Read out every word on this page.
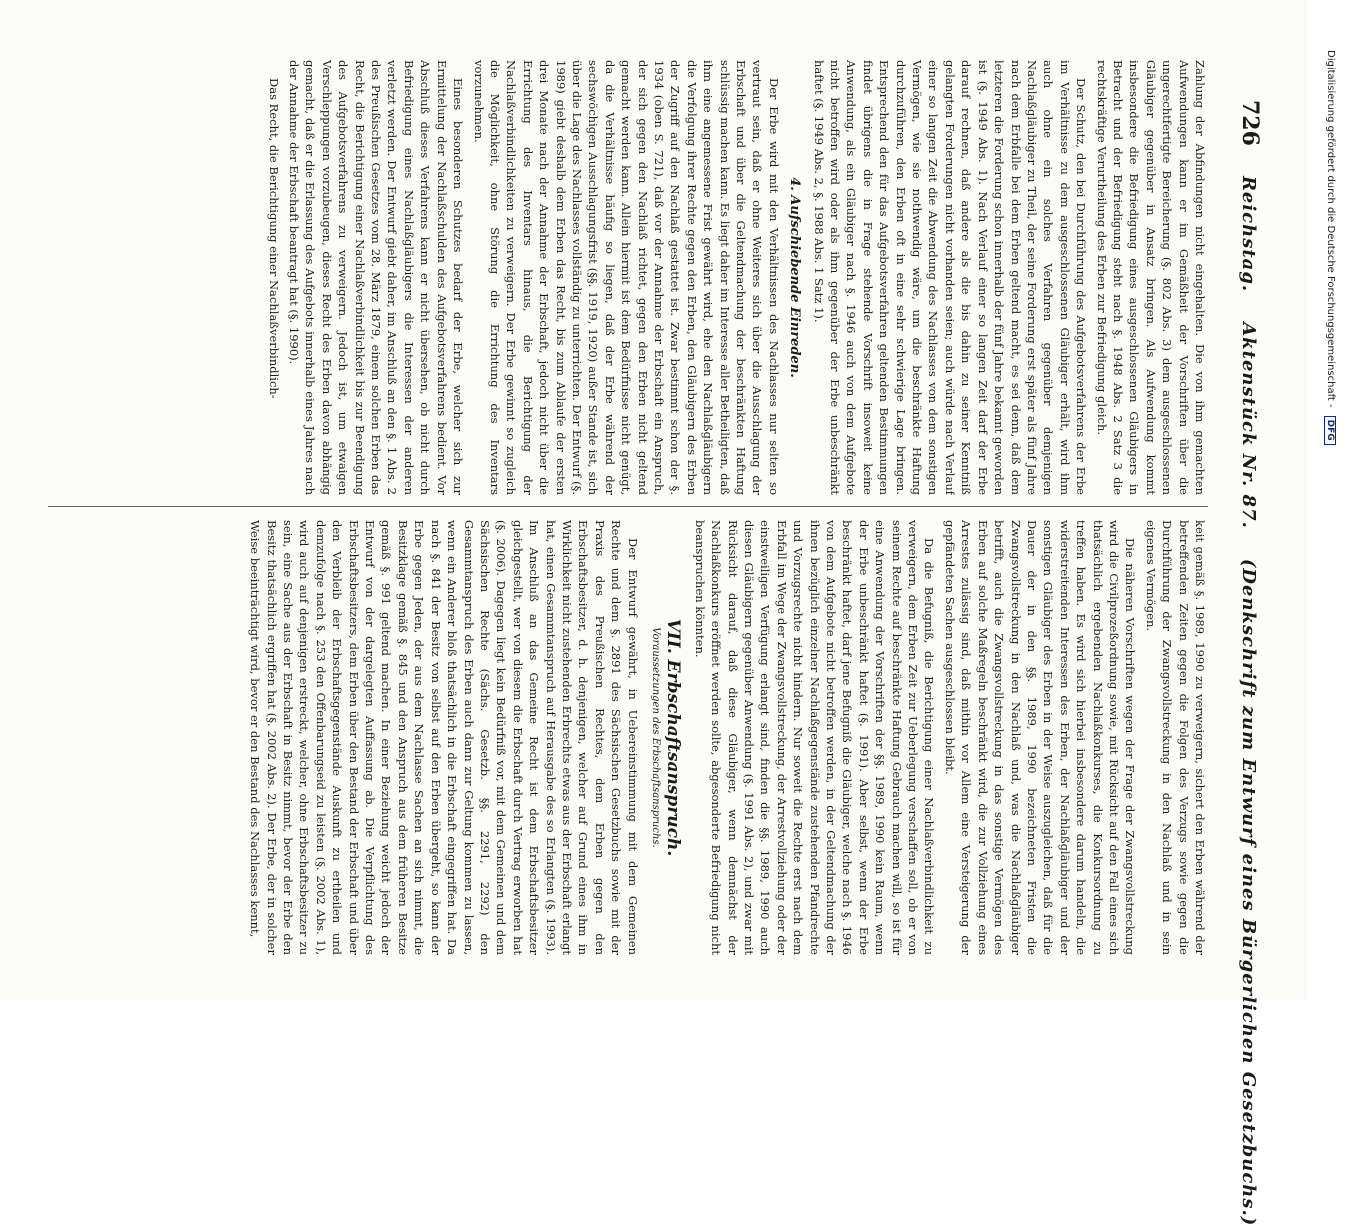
Digitalisierung gefördert durch die Deutsche Forschungsgemeinschaft -
DFG
726
Reichstag.
Aktenstück Nr. 87.
(Denkschrift zum Entwurf eines Bürgerlichen Gesetzbuchs.)

Zahlung der Abfindungen nicht eingehalten. Die von ihm gemachten Aufwendungen kann er im Gemäßheit der Vorschriften über die ungerechtfertigte Bereicherung (§. 802 Abs. 3) dem ausgeschlossenen Gläubiger gegenüber in Ansatz bringen. Als Aufwendung kommt insbesondere die Befriedigung eines ausgeschlossenen Gläubigers in Betracht und der Befriedigung steht nach §. 1948 Abs. 2 Satz 3 die rechtskräftige Verurtheilung des Erben zur Befriedigung gleich.

Der Schutz, den bei Durchführung des Aufgebotsverfahrens der Erbe im Verhältnisse zu dem ausgeschlossenen Gläubiger erhält, wird ihm auch ohne ein solches Verfahren gegenüber demjenigen Nachlaßgläubiger zu Theil, der seine Forderung erst später als fünf Jahre nach dem Erbfalle bei dem Erben geltend macht, es sei denn, daß dem letzteren die Forderung schon innerhalb der fünf Jahre bekannt geworden ist (§. 1949 Abs. 1). Nach Verlauf einer so langen Zeit darf der Erbe darauf rechnen, daß andere als die bis dahin zu seiner Kenntniß gelangten Forderungen nicht vorhanden seien; auch würde nach Verlauf einer so langen Zeit die Abwendung des Nachlasses von dem sonstigen Vermögen, wie sie nothwendig wäre, um die beschränkte Haftung durchzuführen, den Erben oft in eine sehr schwierige Lage bringen. Entsprechend den für das Aufgebotsverfahren geltenden Bestimmungen findet übrigens die in Frage stehende Vorschrift insoweit keine Anwendung, als ein Gläubiger nach §. 1946 auch von dem Aufgebote nicht betroffen wird oder als ihm gegenüber der Erbe unbeschränkt haftet (§. 1949 Abs. 2, §. 1988 Abs. 1 Satz 1).

4. Aufschiebende Einreden.

Der Erbe wird mit den Verhältnissen des Nachlasses nur selten so vertraut sein, daß er ohne Weiteres sich über die Ausschlagung der Erbschaft und über die Geltendmachung der beschränkten Haftung schlüssig machen kann. Es liegt daher im Interesse aller Betheiligten, daß ihm eine angemessene Frist gewährt wird, ehe den Nachlaßgläubigern die Verfolgung ihrer Rechte gegen den Erben, den Gläubigern des Erben der Zugriff auf den Nachlaß gestattet ist. Zwar bestimmt schon der §. 1934 (oben S. 721), daß vor der Annahme der Erbschaft ein Anspruch, der sich gegen den Nachlaß richtet, gegen den Erben nicht geltend gemacht werden kann. Allein hiermit ist dem Bedürfnisse nicht genügt, da die Verhältnisse häufig so liegen, daß der Erbe während der sechswöchigen Ausschlagungsfrist (§§. 1919, 1920) außer Stande ist, sich über die Lage des Nachlasses vollständig zu unterrichten. Der Entwurf (§. 1989) giebt deshalb dem Erben das Recht, bis zum Ablaufe der ersten drei Monate nach der Annahme der Erbschaft, jedoch nicht über die Errichtung des Inventars hinaus, die Berichtigung der Nachlaßverbindlichkeiten zu verweigern. Der Erbe gewinnt so zugleich die Möglichkeit, ohne Störung die Errichtung des Inventars vorzunehmen.

Eines besonderen Schutzes bedarf der Erbe, welcher sich zur Ermittelung der Nachlaßschulden des Aufgebotsverfahrens bedient. Vor Abschluß dieses Verfahrens kann er nicht übersehen, ob nicht durch Befriedigung eines Nachlaßgläubigers die Interessen der anderen verletzt werden. Der Entwurf giebt daher, im Anschluß an den §. 1 Abs. 2 des Preußischen Gesetzes vom 28. März 1879, einem solchen Erben das Recht, die Berichtigung einer Nachlaßverbindlichkeit bis zur Beendigung des Aufgebotsverfahrens zu verweigern. Jedoch ist, um etwaigen Verschleppungen vorzubeugen, dieses Recht des Erben davon abhängig gemacht, daß er die Erlassung des Aufgebots innerhalb eines Jahres nach der Annahme der Erbschaft beantragt hat (§. 1990).

Das Recht, die Berichtigung einer Nachlaßverbindlich-

keit gemäß §. 1989, 1990 zu verweigern, sichert den Erben während der betreffenden Zeiten gegen die Folgen des Verzugs sowie gegen die Durchführung der Zwangsvollstreckung in den Nachlaß und in sein eigenes Vermögen.

Die näheren Vorschriften wegen der Frage der Zwangsvollstreckung wird die Civilprozeßordnung sowie, mit Rücksicht auf den Fall eines sich thatsächlich ergebenden Nachlaßkonkurses, die Konkursordnung zu treffen haben. Es wird sich hierbei insbesondere darum handeln, die widerstreitenden Interessen des Erben, der Nachlaßgläubiger und der sonstigen Gläubiger des Erben in der Weise auszugleichen, daß für die Dauer der in den §§. 1989, 1990 bezeichneten Fristen die Zwangsvollstreckung in den Nachlaß und, was die Nachlaßgläubiger betrifft, auch die Zwangsvollstreckung in das sonstige Vermögen des Erben auf solche Maßregeln beschränkt wird, die zur Vollziehung eines Arrestes zulässig sind, daß mithin vor Allem eine Versteigerung der gepfändeten Sachen ausgeschlossen bleibt.

Da die Befugniß, die Berichtigung einer Nachlaßverbindlichkeit zu verweigern, dem Erben Zeit zur Ueberlegung verschaffen soll, ob er von seinem Rechte auf beschränkte Haftung Gebrauch machen will, so ist für eine Anwendung der Vorschriften der §§. 1989, 1990 kein Raum, wenn der Erbe unbeschränkt haftet (§. 1991). Aber selbst, wenn der Erbe beschränkt haftet, darf jene Befugniß die Gläubiger, welche nach §. 1946 von dem Aufgebote nicht betroffen werden, in der Geltendmachung der ihnen bezüglich einzelner Nachlaßgegenstände zustehenden Pfandrechte und Vorzugsrechte nicht hindern. Nur soweit die Rechte erst nach dem Erbfall im Wege der Zwangsvollstreckung, der Arrestvollziehung oder der einstweiligen Verfügung erlangt sind, finden die §§. 1989, 1990 auch diesen Gläubigern gegenüber Anwendung (§. 1991 Abs. 2), und zwar mit Rücksicht darauf, daß diese Gläubiger, wenn demnächst der Nachlaßkonkurs eröffnet werden sollte, abgesonderte Befriedigung nicht beanspruchen könnten.

VII. Erbschaftsanspruch.
Voraussetzungen des Erbschaftsanspruchs.

Der Entwurf gewährt, in Uebereinstimmung mit dem Gemeinen Rechte und dem §. 2891 des Sächsischen Gesetzbuchs sowie mit der Praxis des Preußischen Rechtes, dem Erben gegen den Erbschaftsbesitzer, d. h. denjenigen, welcher auf Grund eines ihm in Wirklichkeit nicht zustehenden Erbrechts etwas aus der Erbschaft erlangt hat, einen Gesammtanspruch auf Herausgabe des so Erlangten (§. 1993). Im Anschluß an das Gemeine Recht ist dem Erbschaftsbesitzer gleichgestellt, wer von diesem die Erbschaft durch Vertrag erworben hat (§. 2006). Dagegen liegt kein Bedürfniß vor, mit dem Gemeinen und dem Sächsischen Rechte (Sächs. Gesetzb. §§. 2291, 2292) den Gesammtanspruch des Erben auch dann zur Geltung kommen zu lassen, wenn ein Anderer bloß thatsächlich in die Erbschaft eingegriffen hat. Da nach §. 841 der Besitz von selbst auf den Erben übergeht, so kann der Erbe gegen Jeden, der aus dem Nachlasse Sachen an sich nimmt, die Besitzklage gemäß §. 845 und den Anspruch aus dem früheren Besitze gemäß §. 991 geltend machen. In einer Beziehung weicht jedoch der Entwurf von der dargelegten Auffassung ab. Die Verpflichtung des Erbschaftsbesitzers, dem Erben über den Bestand der Erbschaft und über den Verbleib der Erbschaftsgegenstände Auskunft zu ertheilen und demzufolge nach §. 253 den Offenbarungseid zu leisten (§. 2002 Abs. 1), wird auch auf denjenigen erstreckt, welcher, ohne Erbschaftsbesitzer zu sein, eine Sache aus der Erbschaft in Besitz nimmt, bevor der Erbe den Besitz thatsächlich ergriffen hat (§. 2002 Abs. 2). Der Erbe, der in solcher Weise beeinträchtigt wird, bevor er den Bestand des Nachlasses kennt,
